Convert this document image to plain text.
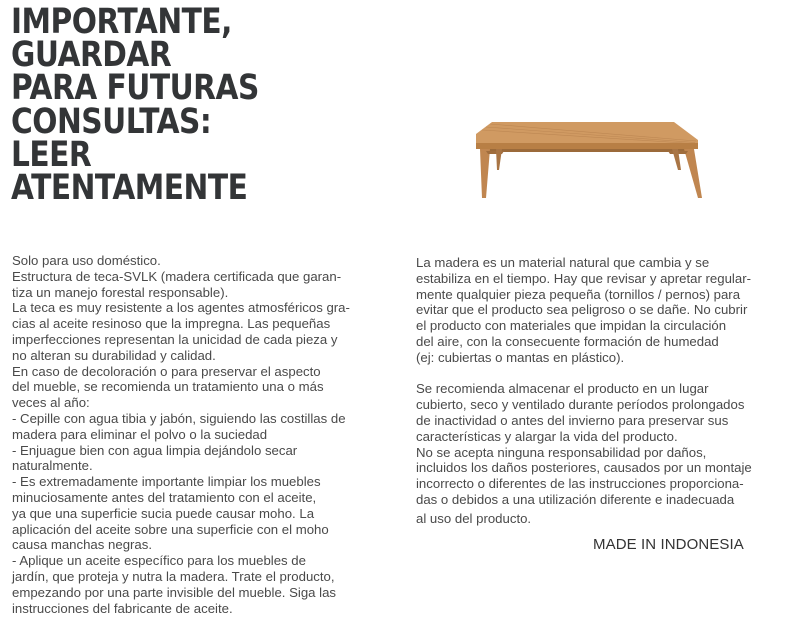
IMPORTANTE,
GUARDAR
PARA FUTURAS
CONSULTAS:
LEER
ATENTAMENTE

Solo para uso doméstico.

Estructura de teca-SVLK (madera certificada que garan-

tiza un manejo forestal responsable).

La teca es muy resistente a los agentes atmosféricos gra-

cias al aceite resinoso que la impregna. Las pequeñas

imperfecciones representan la unicidad de cada pieza y

no alteran su durabilidad y calidad.

En caso de decoloración o para preservar el aspecto

del mueble, se recomienda un tratamiento una o más

veces al año:

- Cepille con agua tibia y jabón, siguiendo las costillas de

madera para eliminar el polvo o la suciedad

- Enjuague bien con agua limpia dejándolo secar

naturalmente.

- Es extremadamente importante limpiar los muebles

minuciosamente antes del tratamiento con el aceite,

ya que una superficie sucia puede causar moho. La

aplicación del aceite sobre una superficie con el moho

causa manchas negras.

- Aplique un aceite específico para los muebles de

jardín, que proteja y nutra la madera. Trate el producto,

empezando por una parte invisible del mueble. Siga las

instrucciones del fabricante de aceite.

La madera es un material natural que cambia y se

estabiliza en el tiempo. Hay que revisar y apretar regular-

mente qualquier pieza pequeña (tornillos / pernos) para

evitar que el producto sea peligroso o se dañe. No cubrir

el producto con materiales que impidan la circulación

del aire, con la consecuente formación de humedad

(ej: cubiertas o mantas en plástico).

Se recomienda almacenar el producto en un lugar

cubierto, seco y ventilado durante períodos prolongados

de inactividad o antes del invierno para preservar sus

características y alargar la vida del producto.

No se acepta ninguna responsabilidad por daños,

incluidos los daños posteriores, causados por un montaje

incorrecto o diferentes de las instrucciones proporciona-

das o debidos a una utilización diferente e inadecuada

al uso del producto.

MADE IN INDONESIA
